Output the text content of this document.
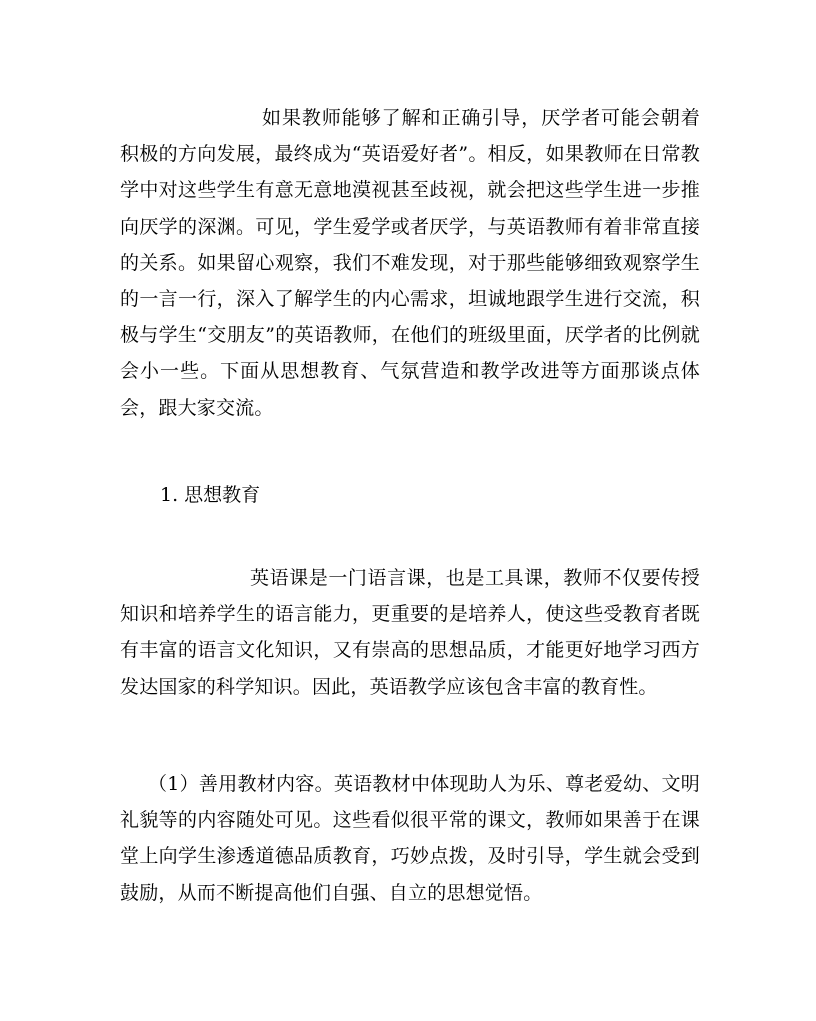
如果教师能够了解和正确引导，厌学者可能会朝着积极的方向发展，最终成为“英语爱好者”。相反，如果教师在日常教学中对这些学生有意无意地漠视甚至歧视，就会把这些学生进一步推向厌学的深渊。可见，学生爱学或者厌学，与英语教师有着非常直接的关系。如果留心观察，我们不难发现，对于那些能够细致观察学生的一言一行，深入了解学生的内心需求，坦诚地跟学生进行交流，积极与学生“交朋友”的英语教师，在他们的班级里面，厌学者的比例就会小一些。下面从思想教育、气氛营造和教学改进等方面那谈点体会，跟大家交流。

1. 思想教育

英语课是一门语言课，也是工具课，教师不仅要传授知识和培养学生的语言能力，更重要的是培养人，使这些受教育者既有丰富的语言文化知识，又有崇高的思想品质，才能更好地学习西方发达国家的科学知识。因此，英语教学应该包含丰富的教育性。

（1）善用教材内容。英语教材中体现助人为乐、尊老爱幼、文明礼貌等的内容随处可见。这些看似很平常的课文，教师如果善于在课堂上向学生渗透道德品质教育，巧妙点拨，及时引导，学生就会受到鼓励，从而不断提高他们自强、自立的思想觉悟。
